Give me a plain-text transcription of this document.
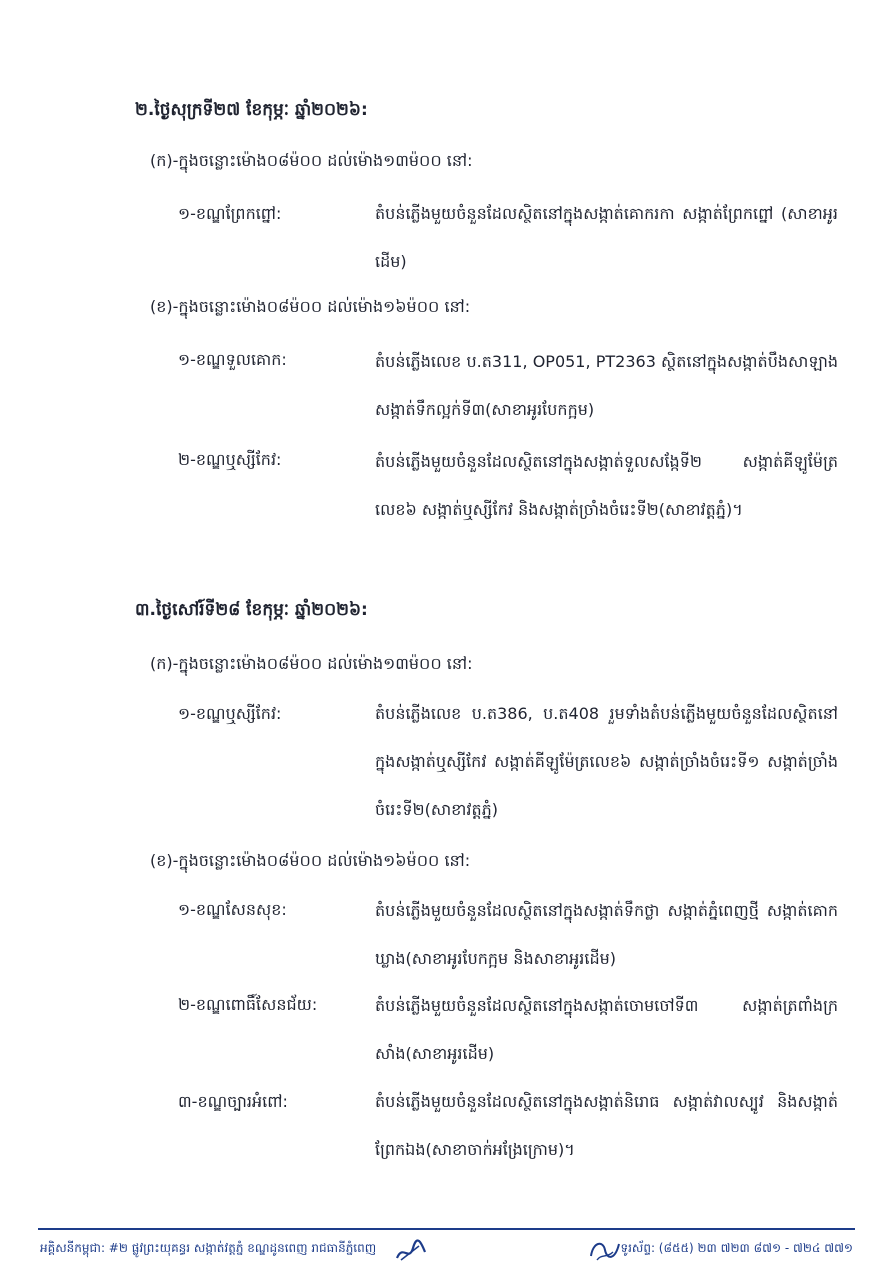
២.ថ្ងៃសុក្រទី២៧ ខែកុម្ភៈ ឆ្នាំ២០២៦:
(ក)-ក្នុងចន្លោះម៉ោង០៨ម៉០០ ដល់ម៉ោង១៣ម៉០០ នៅ:
១-ខណ្ឌព្រែកព្នៅ:	តំបន់ភ្លើងមួយចំនួនដែលស្ថិតនៅក្នុងសង្កាត់គោករកា សង្កាត់ព្រែកព្នៅ (សាខាអូរដើម)
(ខ)-ក្នុងចន្លោះម៉ោង០៨ម៉០០ ដល់ម៉ោង១៦ម៉០០ នៅ:
១-ខណ្ឌទួលគោក:	តំបន់ភ្លើងលេខ ប.ត311, OP051, PT2363 ស្ថិតនៅក្នុងសង្កាត់បឹងសាឡាង សង្កាត់ទឹកល្អក់ទី៣(សាខាអូរបែកក្អម)
២-ខណ្ឌឬស្សីកែវ:	តំបន់ភ្លើងមួយចំនួនដែលស្ថិតនៅក្នុងសង្កាត់ទួលសង្កែទី២ សង្កាត់គីឡូម៉ែត្រលេខ៦ សង្កាត់ឬស្សីកែវ និងសង្កាត់ច្រាំងចំរេះទី២(សាខាវត្តភ្នំ)។
៣.ថ្ងៃសៅរ៍ទី២៨ ខែកុម្ភៈ ឆ្នាំ២០២៦:
(ក)-ក្នុងចន្លោះម៉ោង០៨ម៉០០ ដល់ម៉ោង១៣ម៉០០ នៅ:
១-ខណ្ឌឬស្សីកែវ:	តំបន់ភ្លើងលេខ ប.ត386, ប.ត408 រួមទាំងតំបន់ភ្លើងមួយចំនួនដែលស្ថិតនៅក្នុងសង្កាត់ឬស្សីកែវ សង្កាត់គីឡូម៉ែត្រលេខ៦ សង្កាត់ច្រាំងចំរេះទី១ សង្កាត់ច្រាំងចំរេះទី២(សាខាវត្តភ្នំ)
(ខ)-ក្នុងចន្លោះម៉ោង០៨ម៉០០ ដល់ម៉ោង១៦ម៉០០ នៅ:
១-ខណ្ឌសែនសុខ:	តំបន់ភ្លើងមួយចំនួនដែលស្ថិតនៅក្នុងសង្កាត់ទឹកថ្លា សង្កាត់ភ្នំពេញថ្មី សង្កាត់គោកឃ្លាង(សាខាអូរបែកក្អម និងសាខាអូរដើម)
២-ខណ្ឌពោធិ៍សែនជ័យ:	តំបន់ភ្លើងមួយចំនួនដែលស្ថិតនៅក្នុងសង្កាត់ចោមចៅទី៣ សង្កាត់ត្រពាំងក្រសាំង(សាខាអូរដើម)
៣-ខណ្ឌច្បារអំពៅ:	តំបន់ភ្លើងមួយចំនួនដែលស្ថិតនៅក្នុងសង្កាត់និរោធ សង្កាត់វាលស្បូវ និងសង្កាត់ព្រែកឯង(សាខាចាក់អង្រែក្រោម)។
អគ្គិសនីកម្ពុជា: #២ ផ្លូវព្រះយុគន្ធរ សង្កាត់វត្តភ្នំ ខណ្ឌដូនពេញ រាជធានីភ្នំពេញ	ទូរស័ព្ទ: (៨៥៥) ២៣ ៧២៣ ៨៧១ - ៧២៤ ៧៧១
